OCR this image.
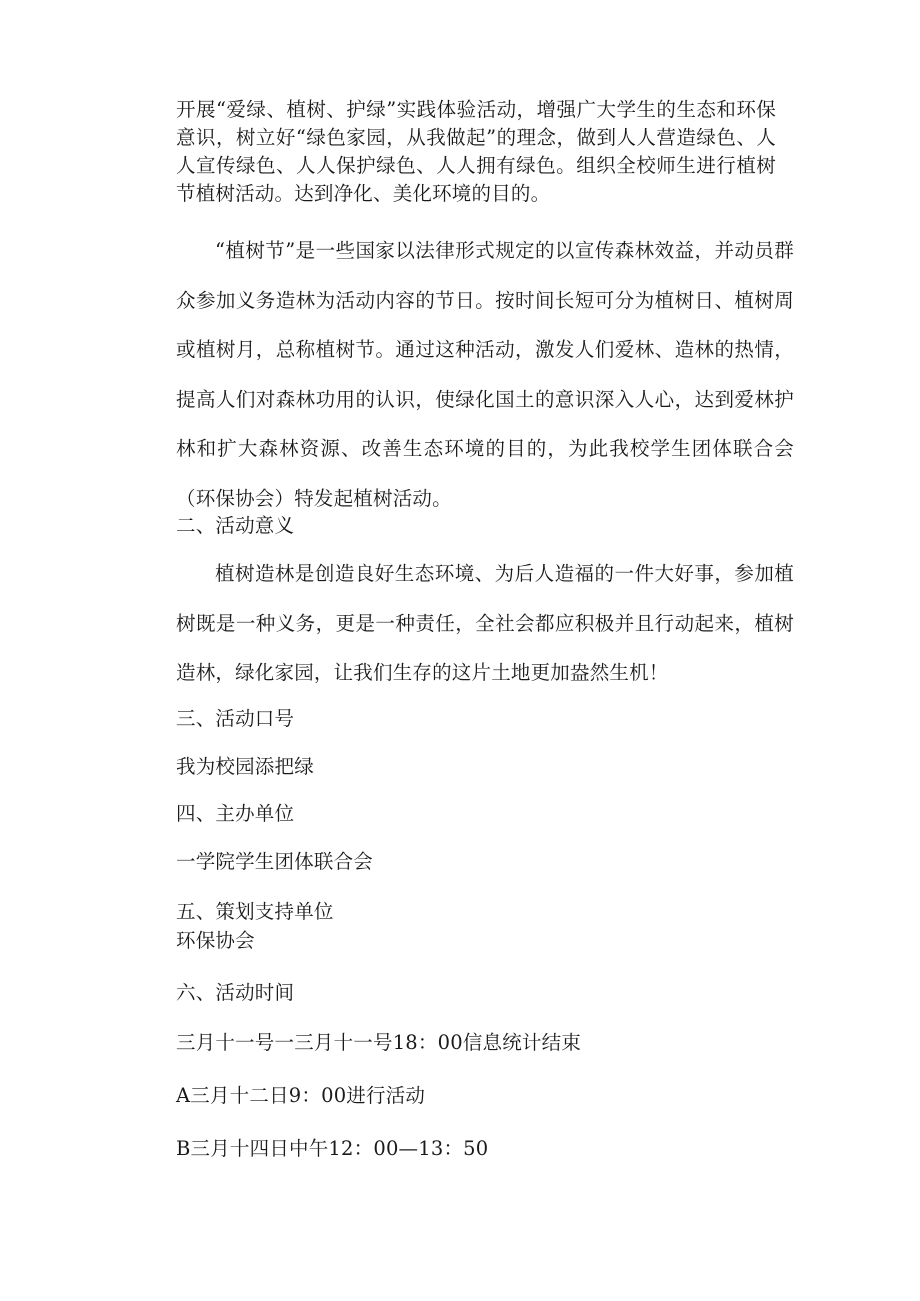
开展“爱绿、植树、护绿”实践体验活动，增强广大学生的生态和环保意识，树立好“绿色家园，从我做起”的理念，做到人人营造绿色、人人宣传绿色、人人保护绿色、人人拥有绿色。组织全校师生进行植树节植树活动。达到净化、美化环境的目的。

“植树节”是一些国家以法律形式规定的以宣传森林效益，并动员群众参加义务造林为活动内容的节日。按时间长短可分为植树日、植树周或植树月，总称植树节。通过这种活动，激发人们爱林、造林的热情，提高人们对森林功用的认识，使绿化国土的意识深入人心，达到爱林护林和扩大森林资源、改善生态环境的目的，为此我校学生团体联合会（环保协会）特发起植树活动。

二、活动意义

植树造林是创造良好生态环境、为后人造福的一件大好事，参加植树既是一种义务，更是一种责任，全社会都应积极并且行动起来，植树造林，绿化家园，让我们生存的这片土地更加盎然生机！

三、活动口号

我为校园添把绿

四、主办单位

一学院学生团体联合会

五、策划支持单位

环保协会

六、活动时间

三月十一号一三月十一号18：00信息统计结束

A三月十二日9：00进行活动

B三月十四日中午12：00—13：50
